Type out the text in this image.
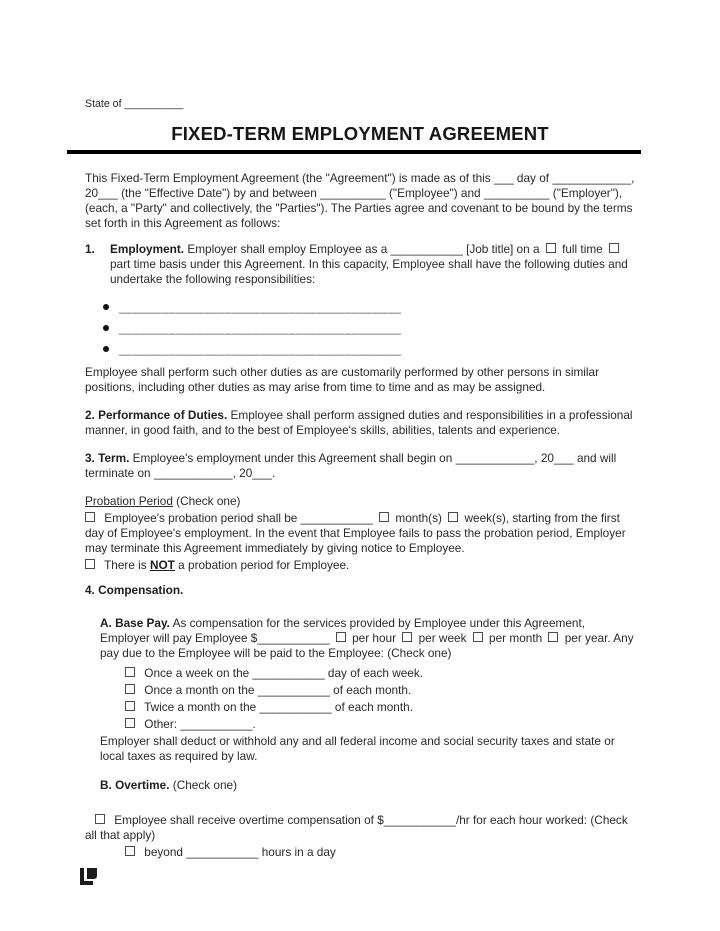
State of __________

FIXED-TERM EMPLOYMENT AGREEMENT

This Fixed-Term Employment Agreement (the "Agreement") is made as of this ___ day of ____________, 20___ (the "Effective Date") by and between __________ ("Employee") and __________ ("Employer"), (each, a "Party" and collectively, the "Parties"). The Parties agree and covenant to be bound by the terms set forth in this Agreement as follows:

1. Employment. Employer shall employ Employee as a ___________ [Job title] on a full time  part time basis under this Agreement. In this capacity, Employee shall have the following duties and undertake the following responsibilities:

________________________________________
________________________________________
________________________________________

Employee shall perform such other duties as are customarily performed by other persons in similar positions, including other duties as may arise from time to time and as may be assigned.

2. Performance of Duties. Employee shall perform assigned duties and responsibilities in a professional manner, in good faith, and to the best of Employee's skills, abilities, talents and experience.

3. Term. Employee's employment under this Agreement shall begin on ____________, 20___ and will terminate on ____________, 20___.

Probation Period (Check one)

Employee's probation period shall be ___________ month(s) week(s), starting from the first day of Employee's employment. In the event that Employee fails to pass the probation period, Employer may terminate this Agreement immediately by giving notice to Employee.

There is NOT a probation period for Employee.

4. Compensation.

A. Base Pay. As compensation for the services provided by Employee under this Agreement, Employer will pay Employee $___________ per hour per week per month per year. Any pay due to the Employee will be paid to the Employee: (Check one)

Once a week on the ___________ day of each week.

Once a month on the ___________ of each month.

Twice a month on the ___________ of each month.

Other: ___________.

Employer shall deduct or withhold any and all federal income and social security taxes and state or local taxes as required by law.

B. Overtime. (Check one)

Employee shall receive overtime compensation of $___________/hr for each hour worked: (Check all that apply)

beyond ___________ hours in a day
